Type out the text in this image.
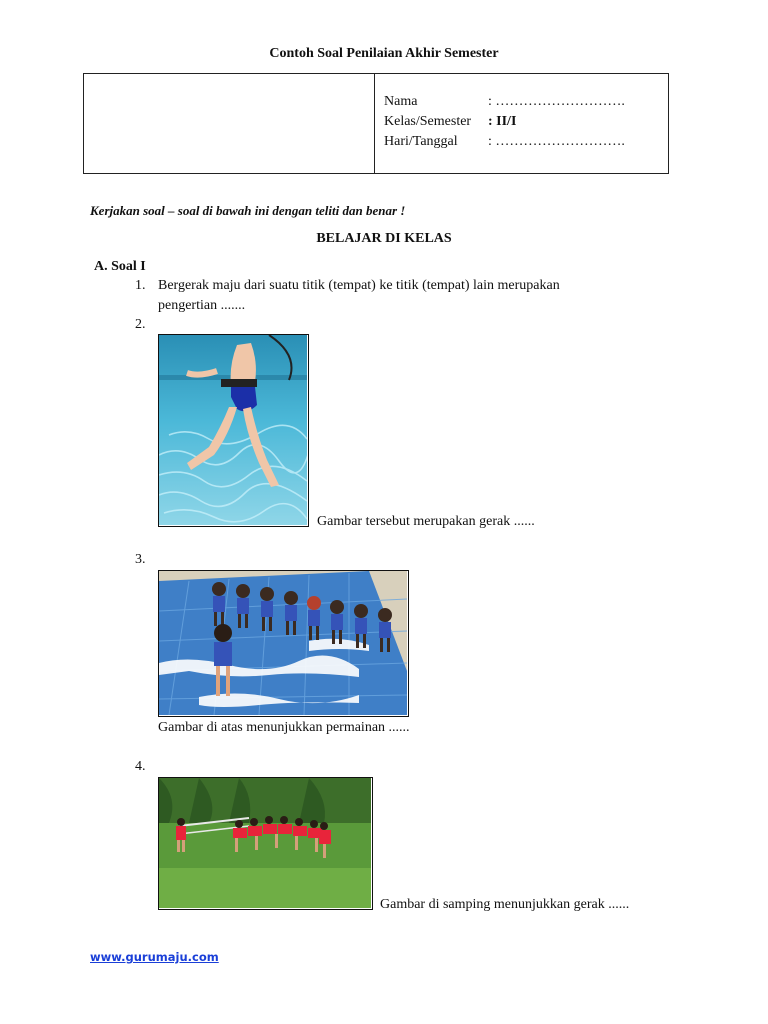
Contoh Soal Penilaian Akhir Semester
Nama	: ……………………….
Kelas/Semester : II/I
Hari/Tanggal : ……………………….
Kerjakan soal – soal di bawah ini dengan teliti dan benar !
BELAJAR DI KELAS
A. Soal I
1. Bergerak maju dari suatu titik (tempat) ke titik (tempat) lain merupakan
pengertian .......
2.
Gambar tersebut merupakan gerak ......
3.
Gambar di atas menunjukkan permainan ......
4.
Gambar di samping menunjukkan gerak ......
www.gurumaju.com
